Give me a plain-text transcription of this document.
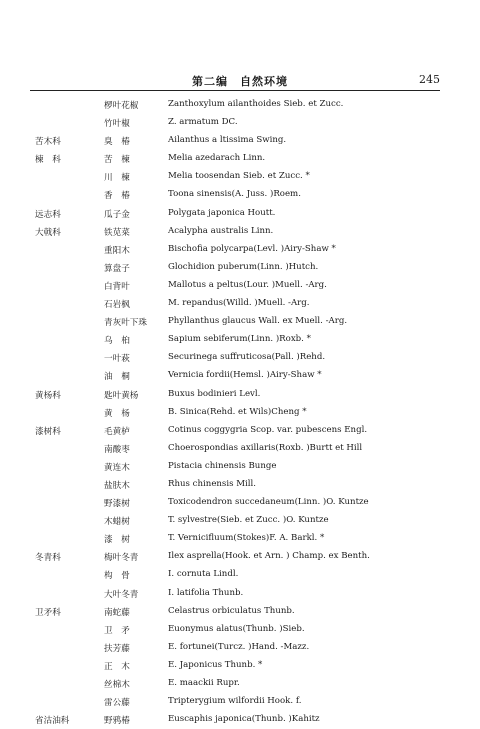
第二编　自然环境	245
椤叶花椒	Zanthoxylum ailanthoides Sieb. et Zucc.
竹叶椒	Z. armatum DC.
苦木科	臭　椿	Ailanthus a ltissima Swing.
楝　科	苦　楝	Melia azedarach Linn.
川　楝	Melia toosendan Sieb. et Zucc. *
香　椿	Toona sinensis(A. Juss. )Roem.
远志科	瓜子金	Polygata japonica Houtt.
大戟科	铁苋菜	Acalypha australis Linn.
重阳木	Bischofia polycarpa(Levl. )Airy-Shaw *
算盘子	Glochidion puberum(Linn. )Hutch.
白背叶	Mallotus a peltus(Lour. )Muell. -Arg.
石岩枫	M. repandus(Willd. )Muell. -Arg.
青灰叶下珠 Phyllanthus glaucus Wall. ex Muell. -Arg.
乌　桕	Sapium sebiferum(Linn. )Roxb. *
一叶萩	Securinega suffruticosa(Pall. )Rehd.
油　桐	Vernicia fordii(Hemsl. )Airy-Shaw *
黄杨科	匙叶黄杨	Buxus bodinieri Levl.
黄　杨	B. Sinica(Rehd. et Wils)Cheng *
漆树科	毛黄栌	Cotinus coggygria Scop. var. pubescens Engl.
南酸枣	Choerospondias axillaris(Roxb. )Burtt et Hill
黄连木	Pistacia chinensis Bunge
盐肤木	Rhus chinensis Mill.
野漆树	Toxicodendron succedaneum(Linn. )O. Kuntze
木蜡树	T. sylvestre(Sieb. et Zucc. )O. Kuntze
漆　树	T. Vernicifluum(Stokes)F. A. Barkl. *
冬青科	梅叶冬青	Ilex asprella(Hook. et Arn. ) Champ. ex Benth.
构　骨	I. cornuta Lindl.
大叶冬青	I. latifolia Thunb.
卫矛科	南蛇藤	Celastrus orbiculatus Thunb.
卫　矛	Euonymus alatus(Thunb. )Sieb.
扶芳藤	E. fortunei(Turcz. )Hand. -Mazz.
正　木	E. Japonicus Thunb. *
丝棉木	E. maackii Rupr.
雷公藤	Tripterygium wilfordii Hook. f.
省沽油科	野鸦椿	Euscaphis japonica(Thunb. )Kahitz
